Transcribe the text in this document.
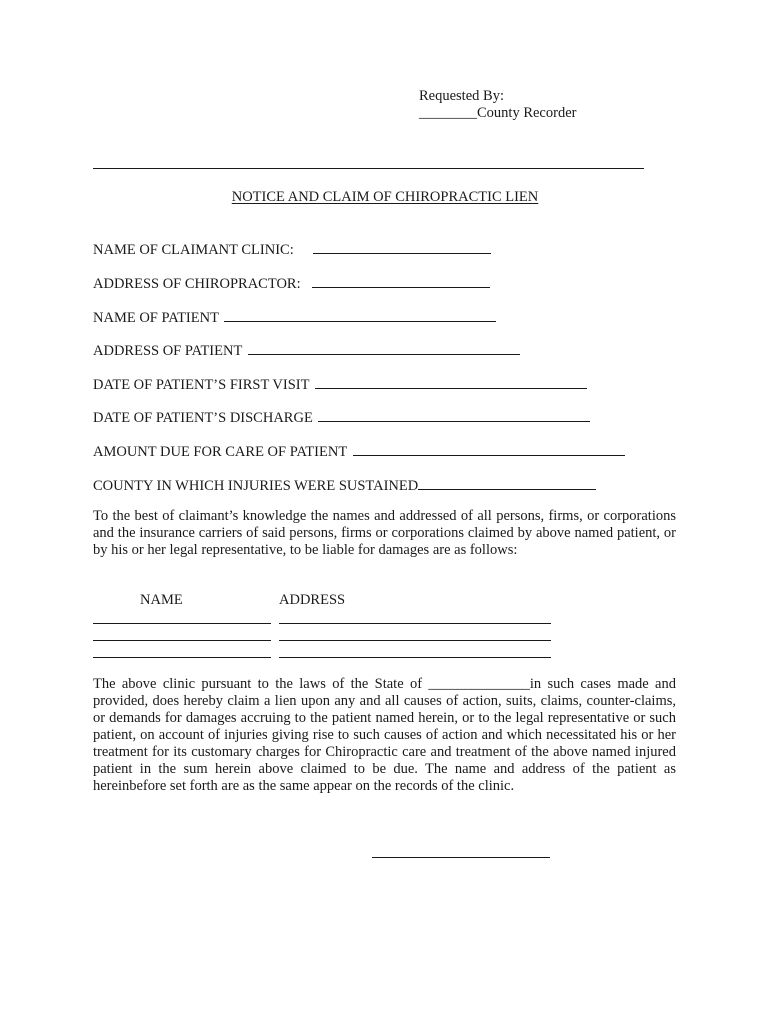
Requested By:
________County Recorder
NOTICE AND CLAIM OF CHIROPRACTIC LIEN
NAME OF CLAIMANT CLINIC:
ADDRESS OF CHIROPRACTOR:
NAME OF PATIENT
ADDRESS OF PATIENT
DATE OF PATIENT’S FIRST VISIT
DATE OF PATIENT’S DISCHARGE
AMOUNT DUE FOR CARE OF PATIENT
COUNTY IN WHICH INJURIES WERE SUSTAINED
To the best of claimant’s knowledge the names and addressed of all persons, firms, or corporations and the insurance carriers of said persons, firms or corporations claimed by above named patient, or by his or her legal representative, to be liable for damages are as follows:
NAME	ADDRESS
The above clinic pursuant to the laws of the State of ______________in such cases made and provided, does hereby claim a lien upon any and all causes of action, suits, claims, counter-claims, or demands for damages accruing to the patient named herein, or to the legal representative or such patient, on account of injuries giving rise to such causes of action and which necessitated his or her treatment for its customary charges for Chiropractic care and treatment of the above named injured patient in the sum herein above claimed to be due. The name and address of the patient as hereinbefore set forth are as the same appear on the records of the clinic.
